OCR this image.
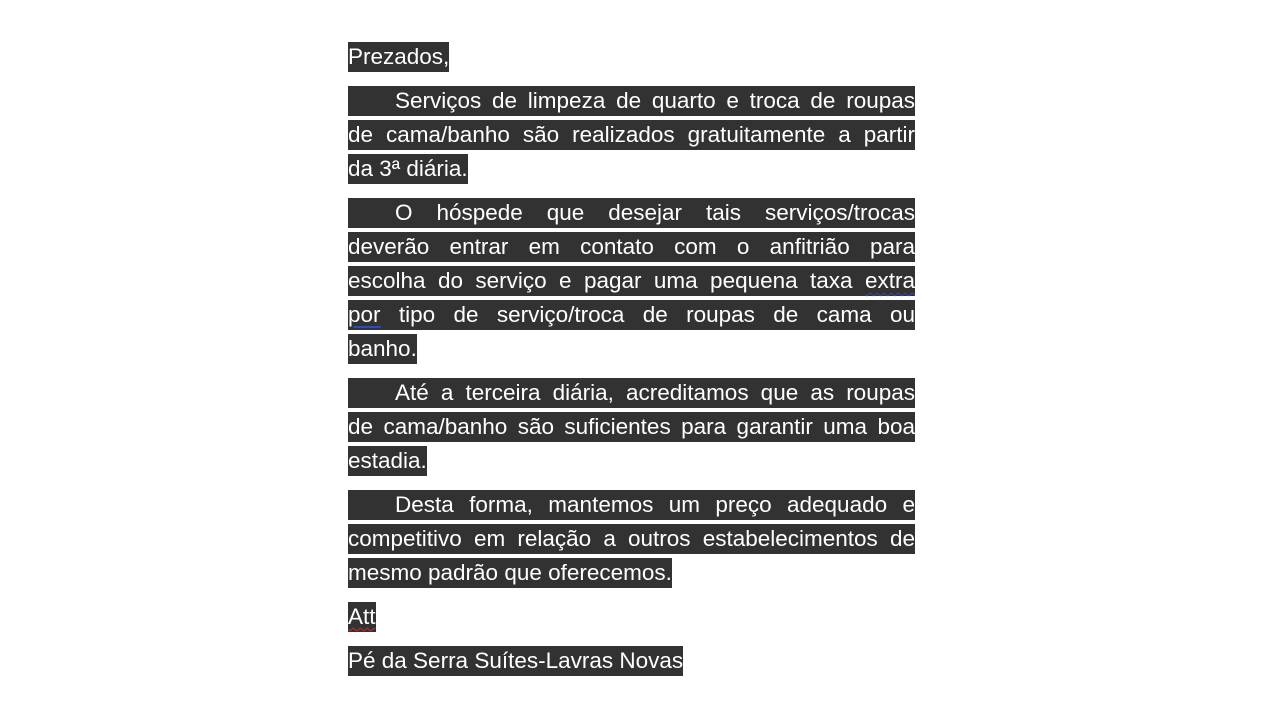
Prezados,
Serviços de limpeza de quarto e troca de roupas
de cama/banho são realizados gratuitamente a partir
da 3ª diária.
O hóspede que desejar tais serviços/trocas
deverão entrar em contato com o anfitrião para
escolha do serviço e pagar uma pequena taxa extra
por tipo de serviço/troca de roupas de cama ou
banho.
Até a terceira diária, acreditamos que as roupas
de cama/banho são suficientes para garantir uma boa
estadia.
Desta forma, mantemos um preço adequado e
competitivo em relação a outros estabelecimentos de
mesmo padrão que oferecemos.
Att
Pé da Serra Suítes-Lavras Novas
